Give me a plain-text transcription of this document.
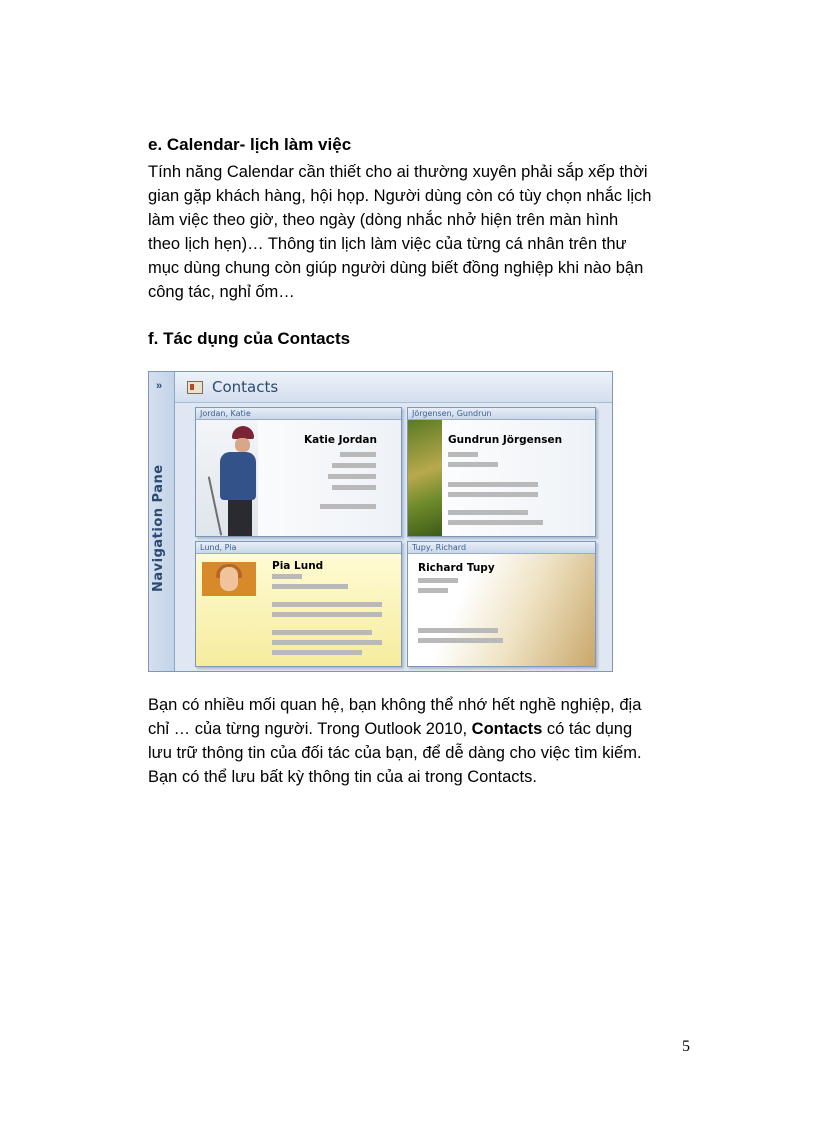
e. Calendar- lịch làm việc

Tính năng Calendar cần thiết cho ai thường xuyên phải sắp xếp thời
gian gặp khách hàng, hội họp. Người dùng còn có tùy chọn nhắc lịch
làm việc theo giờ, theo ngày (dòng nhắc nhở hiện trên màn hình
theo lịch hẹn)… Thông tin lịch làm việc của từng cá nhân trên thư
mục dùng chung còn giúp người dùng biết đồng nghiệp khi nào bận
công tác, nghỉ ốm…

f. Tác dụng của Contacts
»
Navigation Pane
Contacts
Jordan, Katie
Katie Jordan
Jörgensen, Gundrun
Gundrun Jörgensen
Lund, Pia
Pia Lund
Tupy, Richard
Richard Tupy

Bạn có nhiều mối quan hệ, bạn không thể nhớ hết nghề nghiệp, địa
chỉ … của từng người. Trong Outlook 2010, Contacts có tác dụng
lưu trữ thông tin của đối tác của bạn, để dễ dàng cho việc tìm kiếm.
Bạn có thể lưu bất kỳ thông tin của ai trong Contacts.

5
